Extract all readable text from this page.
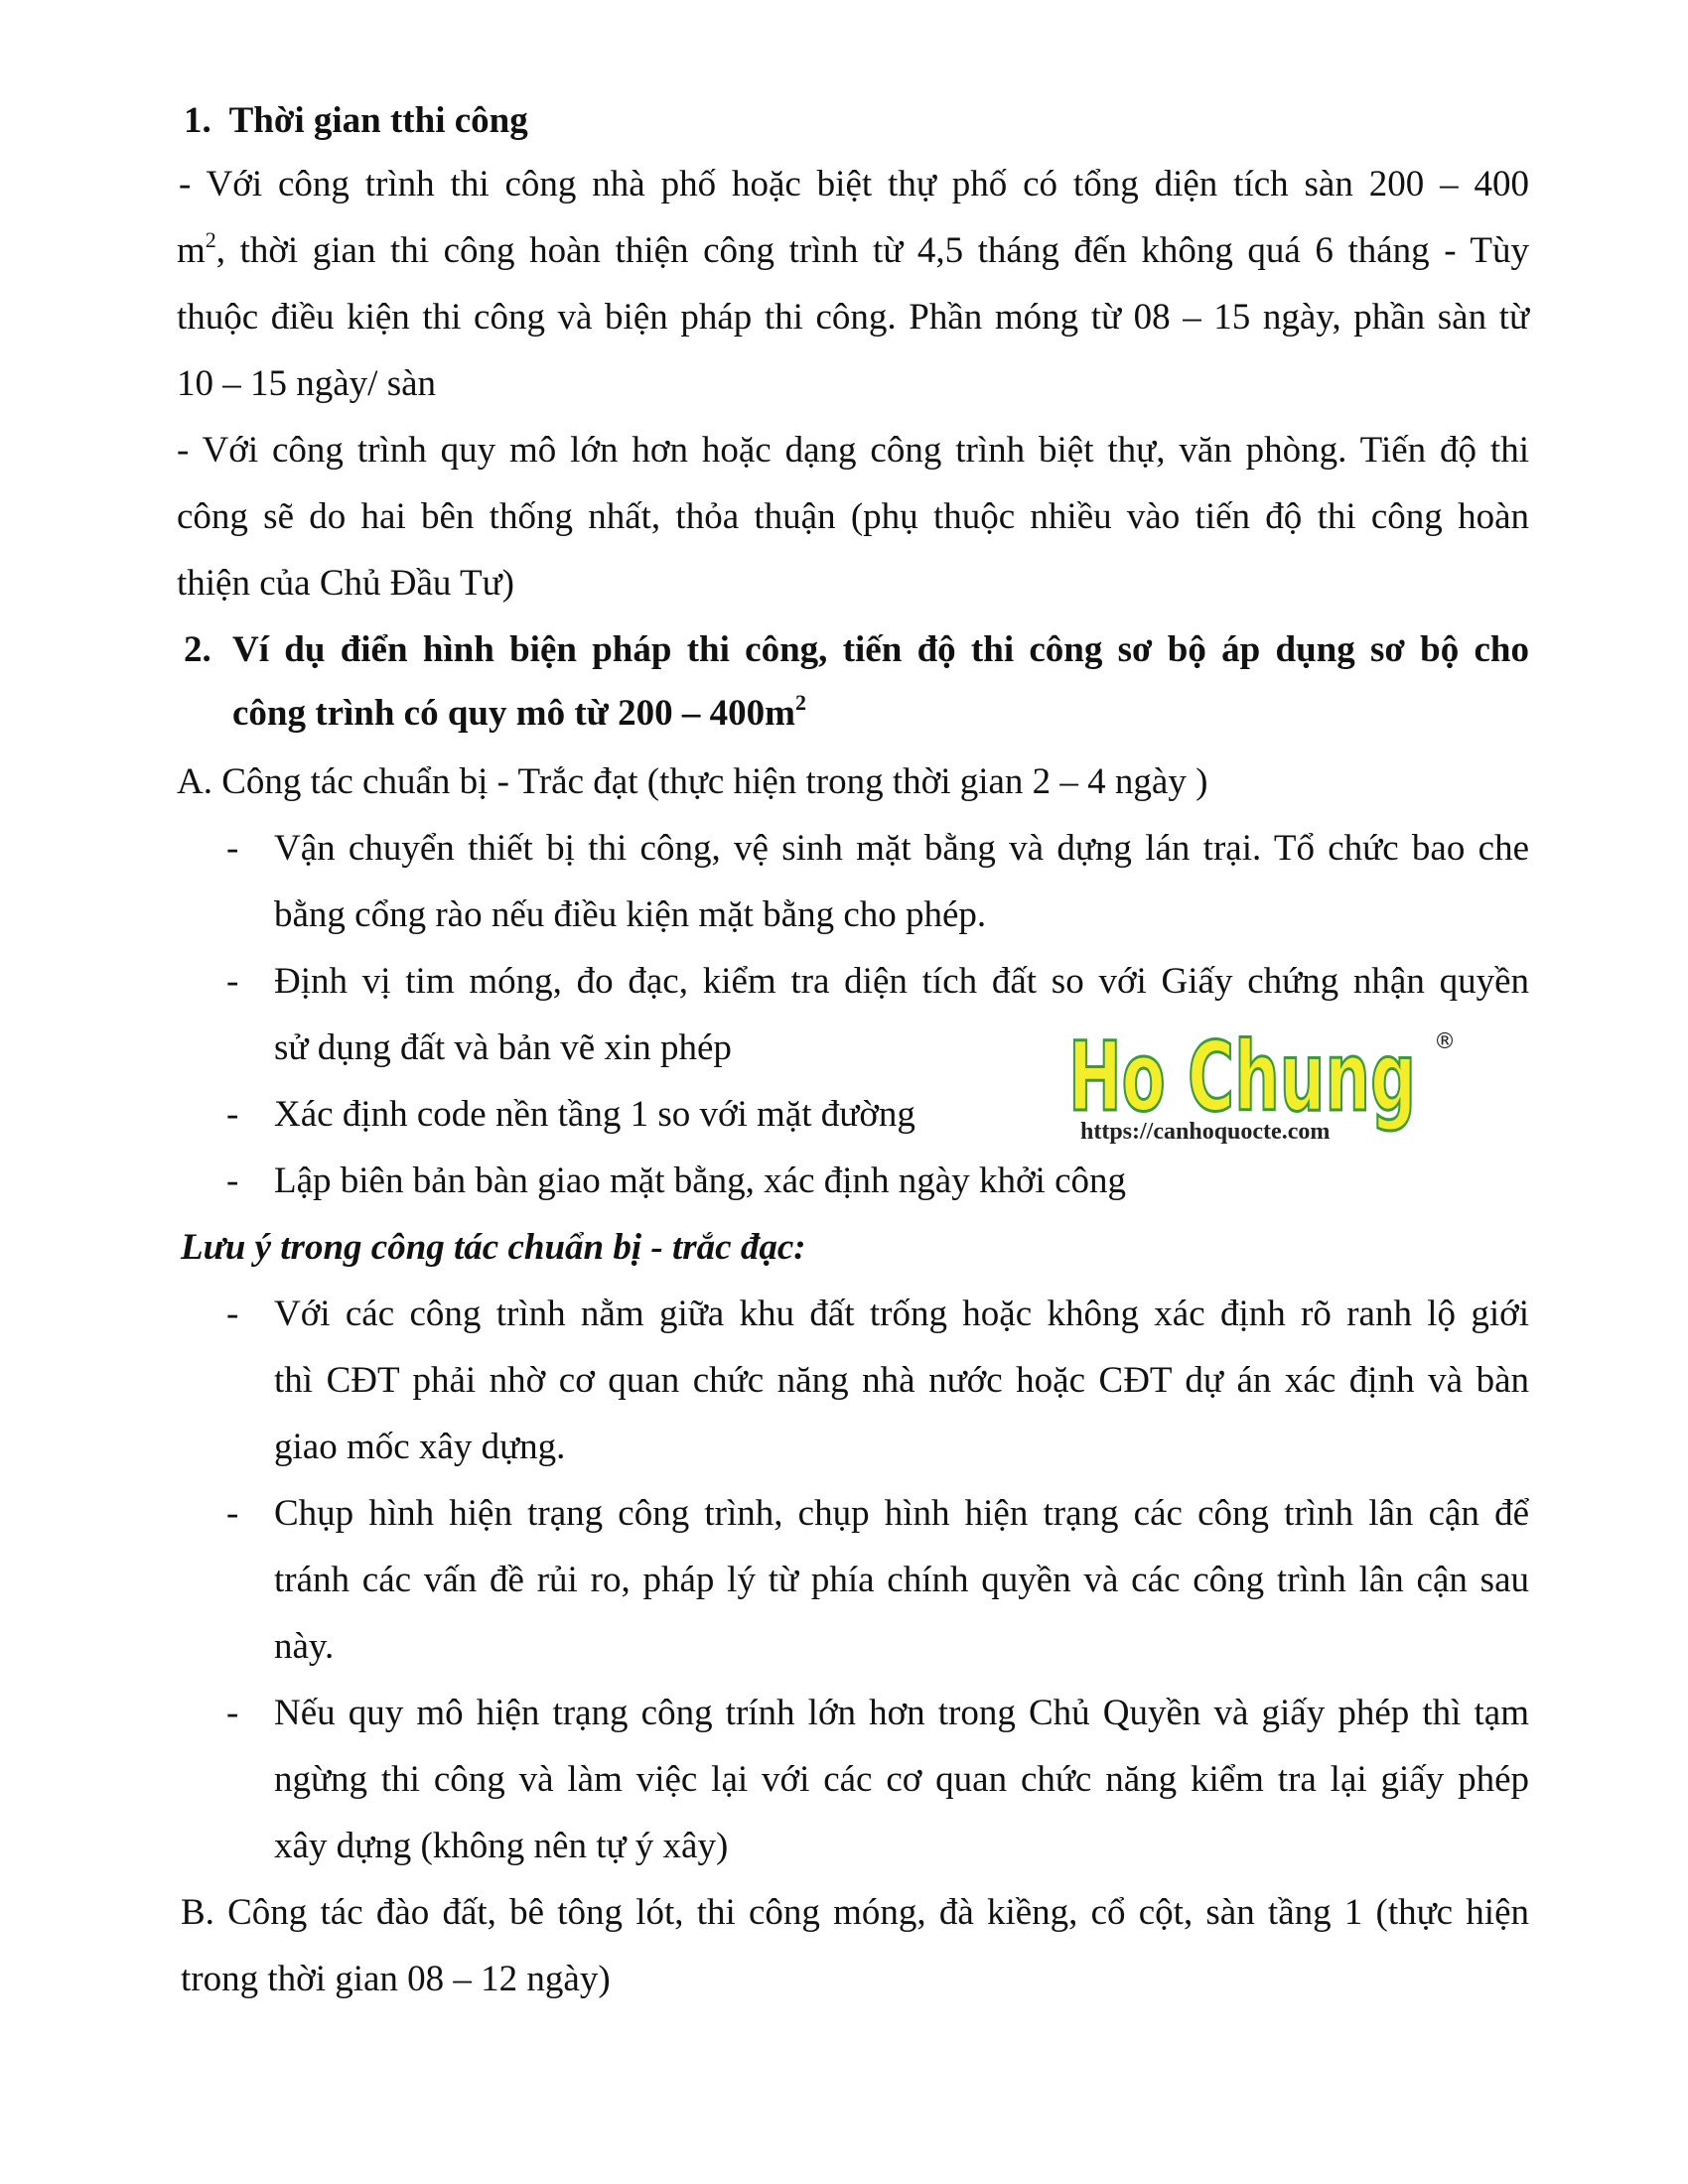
1. Thời gian tthi công
- Với công trình thi công nhà phố hoặc biệt thự phố có tổng diện tích sàn 200 – 400
$m^2$, thời gian thi công hoàn thiện công trình từ 4,5 tháng đến không quá 6 tháng - Tùy
thuộc điều kiện thi công và biện pháp thi công. Phần móng từ 08 – 15 ngày, phần sàn từ
10 – 15 ngày/ sàn
- Với công trình quy mô lớn hơn hoặc dạng công trình biệt thự, văn phòng. Tiến độ thi
công sẽ do hai bên thống nhất, thỏa thuận (phụ thuộc nhiều vào tiến độ thi công hoàn
thiện của Chủ Đầu Tư)
2. Ví dụ điển hình biện pháp thi công, tiến độ thi công sơ bộ áp dụng sơ bộ cho
công trình có quy mô từ $200 - 400m^2$
A. Công tác chuẩn bị - Trắc đạt (thực hiện trong thời gian 2 – 4 ngày )
- Vận chuyển thiết bị thi công, vệ sinh mặt bằng và dựng lán trại. Tổ chức bao che
bằng cổng rào nếu điều kiện mặt bằng cho phép.
- Định vị tim móng, đo đạc, kiểm tra diện tích đất so với Giấy chứng nhận quyền
sử dụng đất và bản vẽ xin phép
- Xác định code nền tầng 1 so với mặt đường
- Lập biên bản bàn giao mặt bằng, xác định ngày khởi công
Lưu ý trong công tác chuẩn bị - trắc đạc:
- Với các công trình nằm giữa khu đất trống hoặc không xác định rõ ranh lộ giới
thì CĐT phải nhờ cơ quan chức năng nhà nước hoặc CĐT dự án xác định và bàn
giao mốc xây dựng.
- Chụp hình hiện trạng công trình, chụp hình hiện trạng các công trình lân cận để
tránh các vấn đề rủi ro, pháp lý từ phía chính quyền và các công trình lân cận sau
này.
- Nếu quy mô hiện trạng công trính lớn hơn trong Chủ Quyền và giấy phép thì tạm
ngừng thi công và làm việc lại với các cơ quan chức năng kiểm tra lại giấy phép
xây dựng (không nên tự ý xây)
B. Công tác đào đất, bê tông lót, thi công móng, đà kiềng, cổ cột, sàn tầng 1 (thực hiện
trong thời gian 08 – 12 ngày)
Ho Chung ®
https://canhoquocte.com
